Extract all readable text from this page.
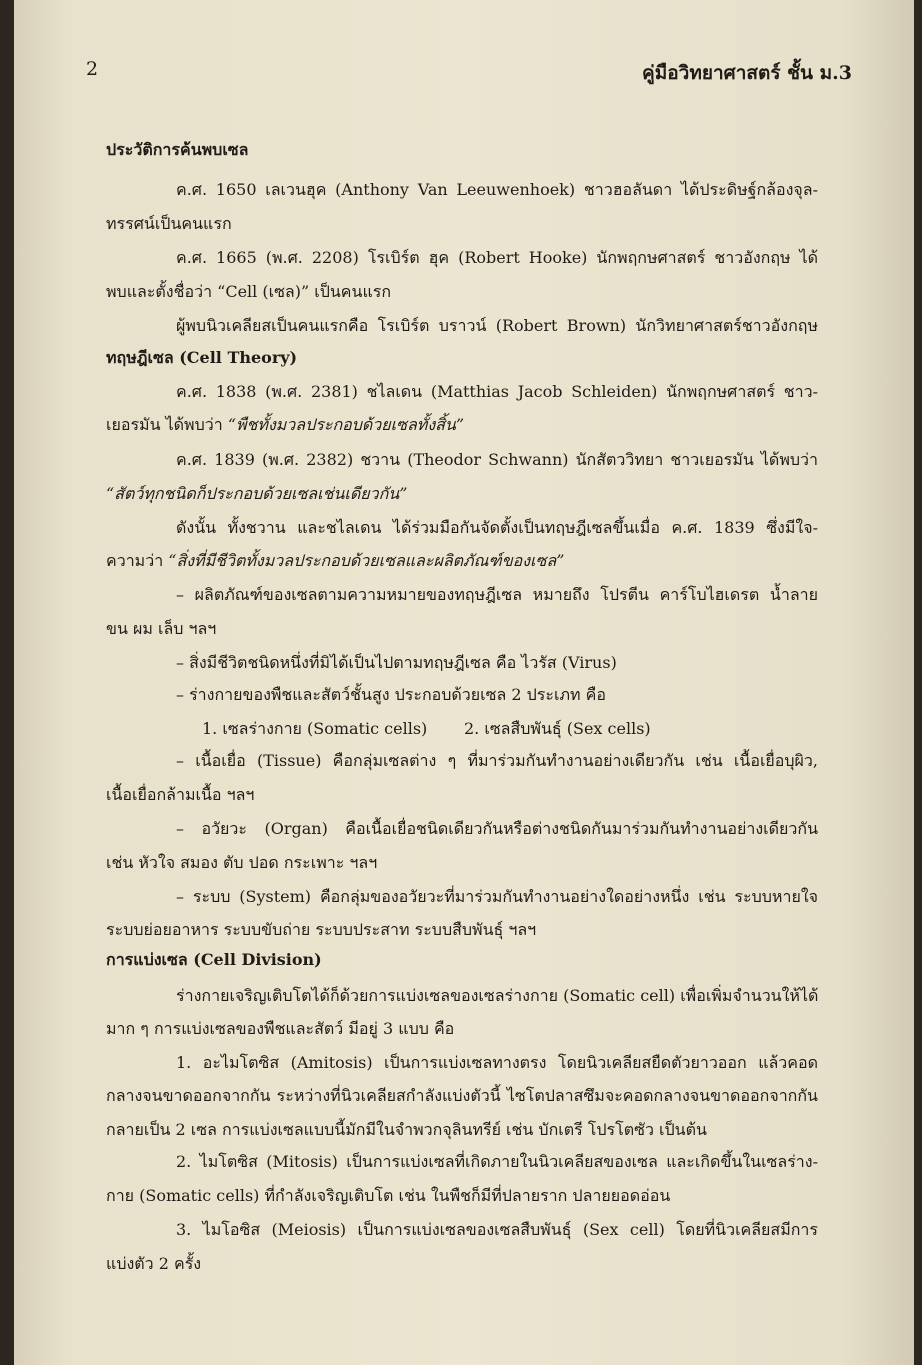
2	คู่มือวิทยาศาสตร์ ชั้น ม.3
ประวัติการค้นพบเซล
ค.ศ. 1650 เลเวนฮุค (Anthony Van Leeuwenhoek) ชาวฮอลันดา ได้ประดิษฐ์กล้องจุล-
ทรรศน์เป็นคนแรก
ค.ศ. 1665 (พ.ศ. 2208) โรเบิร์ต ฮุค (Robert Hooke) นักพฤกษศาสตร์ ชาวอังกฤษ ได้
พบและตั้งชื่อว่า “Cell (เซล)” เป็นคนแรก
ผู้พบนิวเคลียสเป็นคนแรกคือ โรเบิร์ต บราวน์ (Robert Brown) นักวิทยาศาสตร์ชาวอังกฤษ
ทฤษฎีเซล (Cell Theory)
ค.ศ. 1838 (พ.ศ. 2381) ชไลเดน (Matthias Jacob Schleiden) นักพฤกษศาสตร์ ชาว-
เยอรมัน ได้พบว่า “พืชทั้งมวลประกอบด้วยเซลทั้งสิ้น”
ค.ศ. 1839 (พ.ศ. 2382) ชวาน (Theodor Schwann) นักสัตววิทยา ชาวเยอรมัน ได้พบว่า
“สัตว์ทุกชนิดก็ประกอบด้วยเซลเช่นเดียวกัน”
ดังนั้น ทั้งชวาน และชไลเดน ได้ร่วมมือกันจัดตั้งเป็นทฤษฎีเซลขึ้นเมื่อ ค.ศ. 1839 ซึ่งมีใจ-
ความว่า “สิ่งที่มีชีวิตทั้งมวลประกอบด้วยเซลและผลิตภัณฑ์ของเซล”
– ผลิตภัณฑ์ของเซลตามความหมายของทฤษฎีเซล หมายถึง โปรตีน คาร์โบไฮเดรต น้ำลาย
ขน ผม เล็บ ฯลฯ
– สิ่งมีชีวิตชนิดหนึ่งที่มิได้เป็นไปตามทฤษฎีเซล คือ ไวรัส (Virus)
– ร่างกายของพืชและสัตว์ชั้นสูง ประกอบด้วยเซล 2 ประเภท คือ
1. เซลร่างกาย (Somatic cells) 2. เซลสืบพันธุ์ (Sex cells)
– เนื้อเยื่อ (Tissue) คือกลุ่มเซลต่าง ๆ ที่มาร่วมกันทำงานอย่างเดียวกัน เช่น เนื้อเยื่อบุผิว,
เนื้อเยื่อกล้ามเนื้อ ฯลฯ
– อวัยวะ (Organ) คือเนื้อเยื่อชนิดเดียวกันหรือต่างชนิดกันมาร่วมกันทำงานอย่างเดียวกัน
เช่น หัวใจ สมอง ตับ ปอด กระเพาะ ฯลฯ
– ระบบ (System) คือกลุ่มของอวัยวะที่มาร่วมกันทำงานอย่างใดอย่างหนึ่ง เช่น ระบบหายใจ
ระบบย่อยอาหาร ระบบขับถ่าย ระบบประสาท ระบบสืบพันธุ์ ฯลฯ
การแบ่งเซล (Cell Division)
ร่างกายเจริญเติบโตได้ก็ด้วยการแบ่งเซลของเซลร่างกาย (Somatic cell) เพื่อเพิ่มจำนวนให้ได้
มาก ๆ การแบ่งเซลของพืชและสัตว์ มีอยู่ 3 แบบ คือ
1. อะไมโตซิส (Amitosis) เป็นการแบ่งเซลทางตรง โดยนิวเคลียสยืดตัวยาวออก แล้วคอด
กลางจนขาดออกจากกัน ระหว่างที่นิวเคลียสกำลังแบ่งตัวนี้ ไซโตปลาสซึมจะคอดกลางจนขาดออกจากกัน
กลายเป็น 2 เซล การแบ่งเซลแบบนี้มักมีในจำพวกจุลินทรีย์ เช่น บักเตรี โปรโตซัว เป็นต้น
2. ไมโตซิส (Mitosis) เป็นการแบ่งเซลที่เกิดภายในนิวเคลียสของเซล และเกิดขึ้นในเซลร่าง-
กาย (Somatic cells) ที่กำลังเจริญเติบโต เช่น ในพืชก็มีที่ปลายราก ปลายยอดอ่อน
3. ไมโอซิส (Meiosis) เป็นการแบ่งเซลของเซลสืบพันธุ์ (Sex cell) โดยที่นิวเคลียสมีการ
แบ่งตัว 2 ครั้ง
